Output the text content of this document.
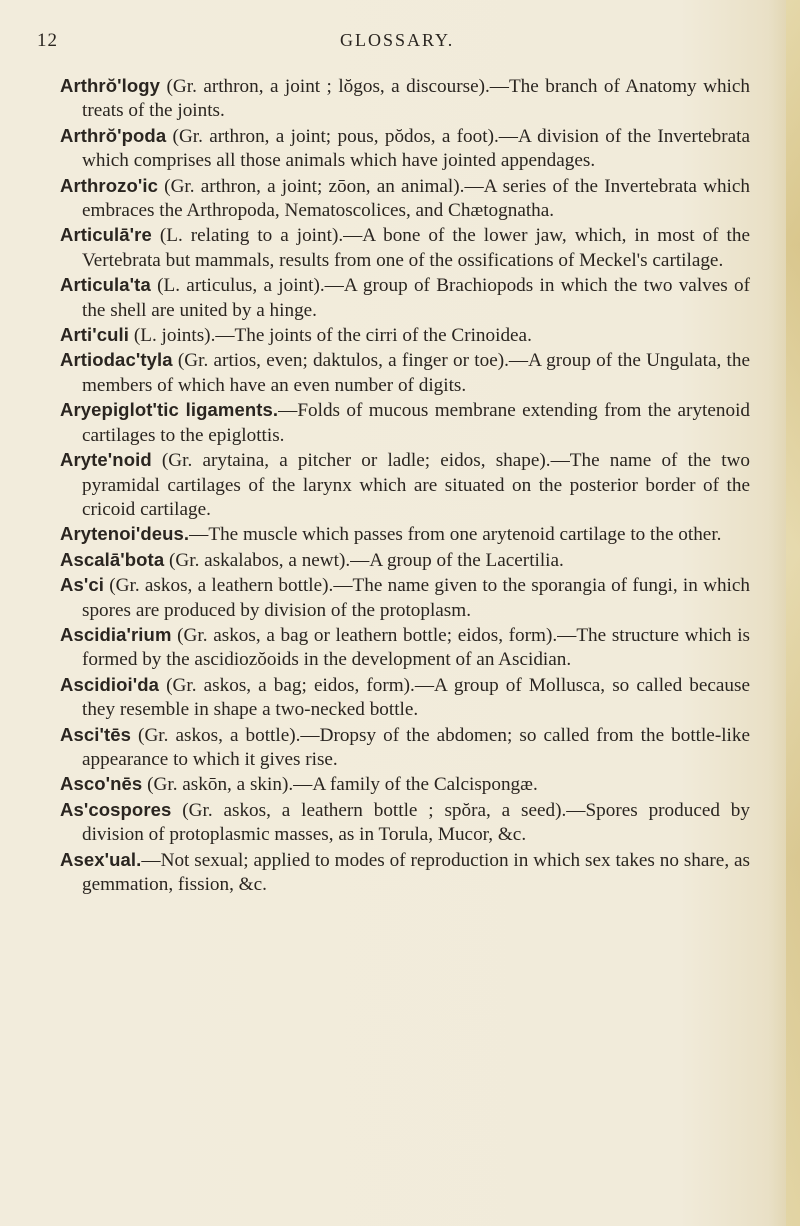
12	GLOSSARY.

Arthrŏ'logy (Gr. arthron, a joint ; lŏgos, a discourse).—The branch of Anatomy which treats of the joints.

Arthrŏ'poda (Gr. arthron, a joint; pous, pŏdos, a foot).—A division of the Invertebrata which comprises all those animals which have jointed appendages.

Arthrozo'ic (Gr. arthron, a joint; zōon, an animal).—A series of the Invertebrata which embraces the Arthropoda, Nematoscolices, and Chætognatha.

Articulā're (L. relating to a joint).—A bone of the lower jaw, which, in most of the Vertebrata but mammals, results from one of the ossifications of Meckel's cartilage.

Articula'ta (L. articulus, a joint).—A group of Brachiopods in which the two valves of the shell are united by a hinge.

Arti'culi (L. joints).—The joints of the cirri of the Crinoidea.

Artiodac'tyla (Gr. artios, even; daktulos, a finger or toe).—A group of the Ungulata, the members of which have an even number of digits.

Aryepiglot'tic ligaments.—Folds of mucous membrane extending from the arytenoid cartilages to the epiglottis.

Aryte'noid (Gr. arytaina, a pitcher or ladle; eidos, shape).—The name of the two pyramidal cartilages of the larynx which are situated on the posterior border of the cricoid cartilage.

Arytenoi'deus.—The muscle which passes from one arytenoid cartilage to the other.

Ascalā'bota (Gr. askalabos, a newt).—A group of the Lacertilia.

As'ci (Gr. askos, a leathern bottle).—The name given to the sporangia of fungi, in which spores are produced by division of the protoplasm.

Ascidia'rium (Gr. askos, a bag or leathern bottle; eidos, form).—The structure which is formed by the ascidiozŏoids in the development of an Ascidian.

Ascidioi'da (Gr. askos, a bag; eidos, form).—A group of Mollusca, so called because they resemble in shape a two-necked bottle.

Asci'tēs (Gr. askos, a bottle).—Dropsy of the abdomen; so called from the bottle-like appearance to which it gives rise.

Asco'nēs (Gr. askōn, a skin).—A family of the Calcispongæ.

As'cospores (Gr. askos, a leathern bottle ; spŏra, a seed).—Spores produced by division of protoplasmic masses, as in Torula, Mucor, &c.

Asex'ual.—Not sexual; applied to modes of reproduction in which sex takes no share, as gemmation, fission, &c.
